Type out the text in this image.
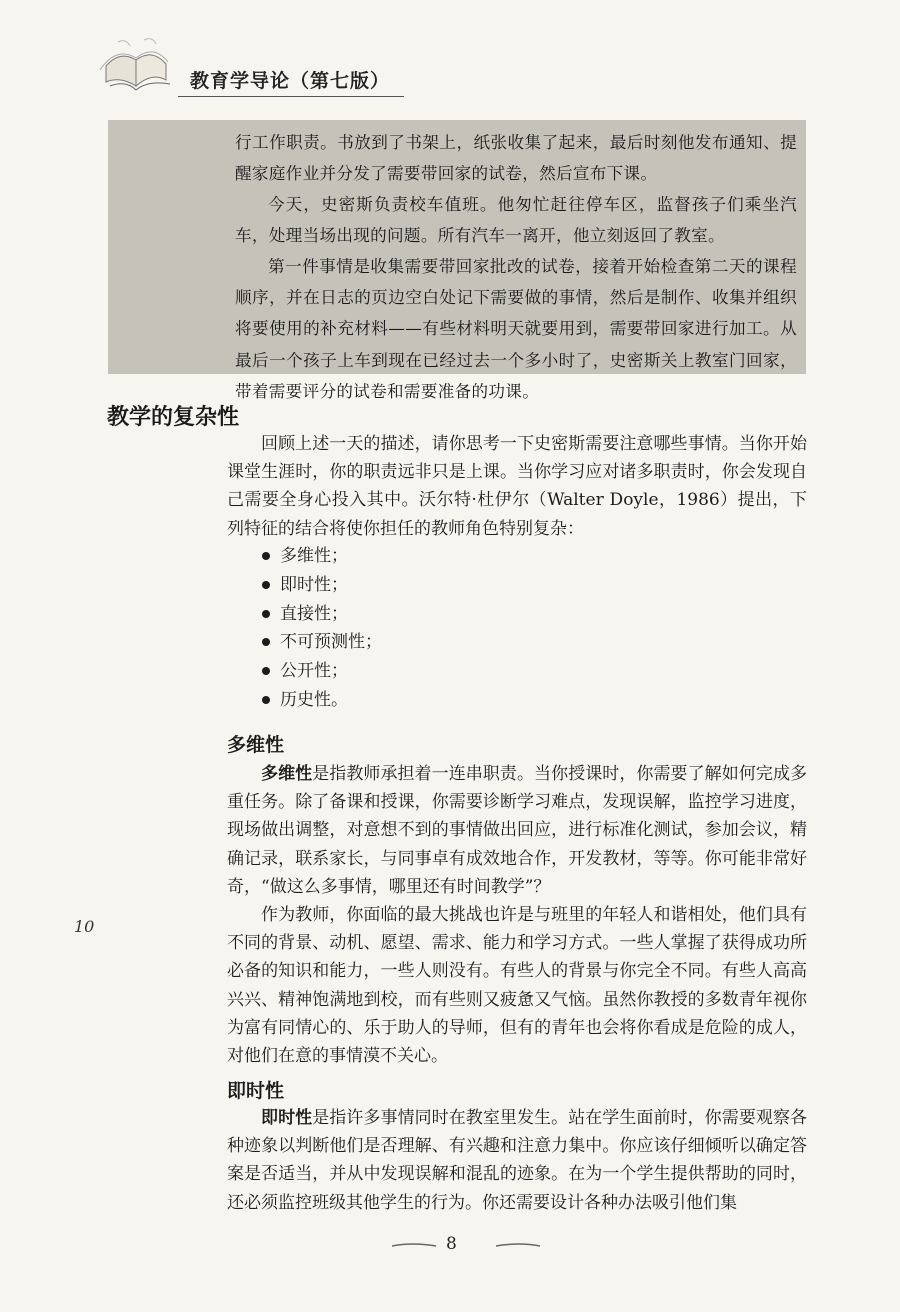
教育学导论（第七版）

行工作职责。书放到了书架上，纸张收集了起来，最后时刻他发布通知、提醒家庭作业并分发了需要带回家的试卷，然后宣布下课。

今天，史密斯负责校车值班。他匆忙赶往停车区，监督孩子们乘坐汽车，处理当场出现的问题。所有汽车一离开，他立刻返回了教室。

第一件事情是收集需要带回家批改的试卷，接着开始检查第二天的课程顺序，并在日志的页边空白处记下需要做的事情，然后是制作、收集并组织将要使用的补充材料——有些材料明天就要用到，需要带回家进行加工。从最后一个孩子上车到现在已经过去一个多小时了，史密斯关上教室门回家，带着需要评分的试卷和需要准备的功课。

教学的复杂性

回顾上述一天的描述，请你思考一下史密斯需要注意哪些事情。当你开始课堂生涯时，你的职责远非只是上课。当你学习应对诸多职责时，你会发现自己需要全身心投入其中。沃尔特·杜伊尔（Walter Doyle，1986）提出，下列特征的结合将使你担任的教师角色特别复杂：

多维性；
即时性；
直接性；
不可预测性；
公开性；
历史性。
多维性

多维性是指教师承担着一连串职责。当你授课时，你需要了解如何完成多重任务。除了备课和授课，你需要诊断学习难点，发现误解，监控学习进度，现场做出调整，对意想不到的事情做出回应，进行标准化测试，参加会议，精确记录，联系家长，与同事卓有成效地合作，开发教材，等等。你可能非常好奇，“做这么多事情，哪里还有时间教学”？

作为教师，你面临的最大挑战也许是与班里的年轻人和谐相处，他们具有不同的背景、动机、愿望、需求、能力和学习方式。一些人掌握了获得成功所必备的知识和能力，一些人则没有。有些人的背景与你完全不同。有些人高高兴兴、精神饱满地到校，而有些则又疲惫又气恼。虽然你教授的多数青年视你为富有同情心的、乐于助人的导师，但有的青年也会将你看成是危险的成人，对他们在意的事情漠不关心。

10
即时性

即时性是指许多事情同时在教室里发生。站在学生面前时，你需要观察各种迹象以判断他们是否理解、有兴趣和注意力集中。你应该仔细倾听以确定答案是否适当，并从中发现误解和混乱的迹象。在为一个学生提供帮助的同时，还必须监控班级其他学生的行为。你还需要设计各种办法吸引他们集

8
